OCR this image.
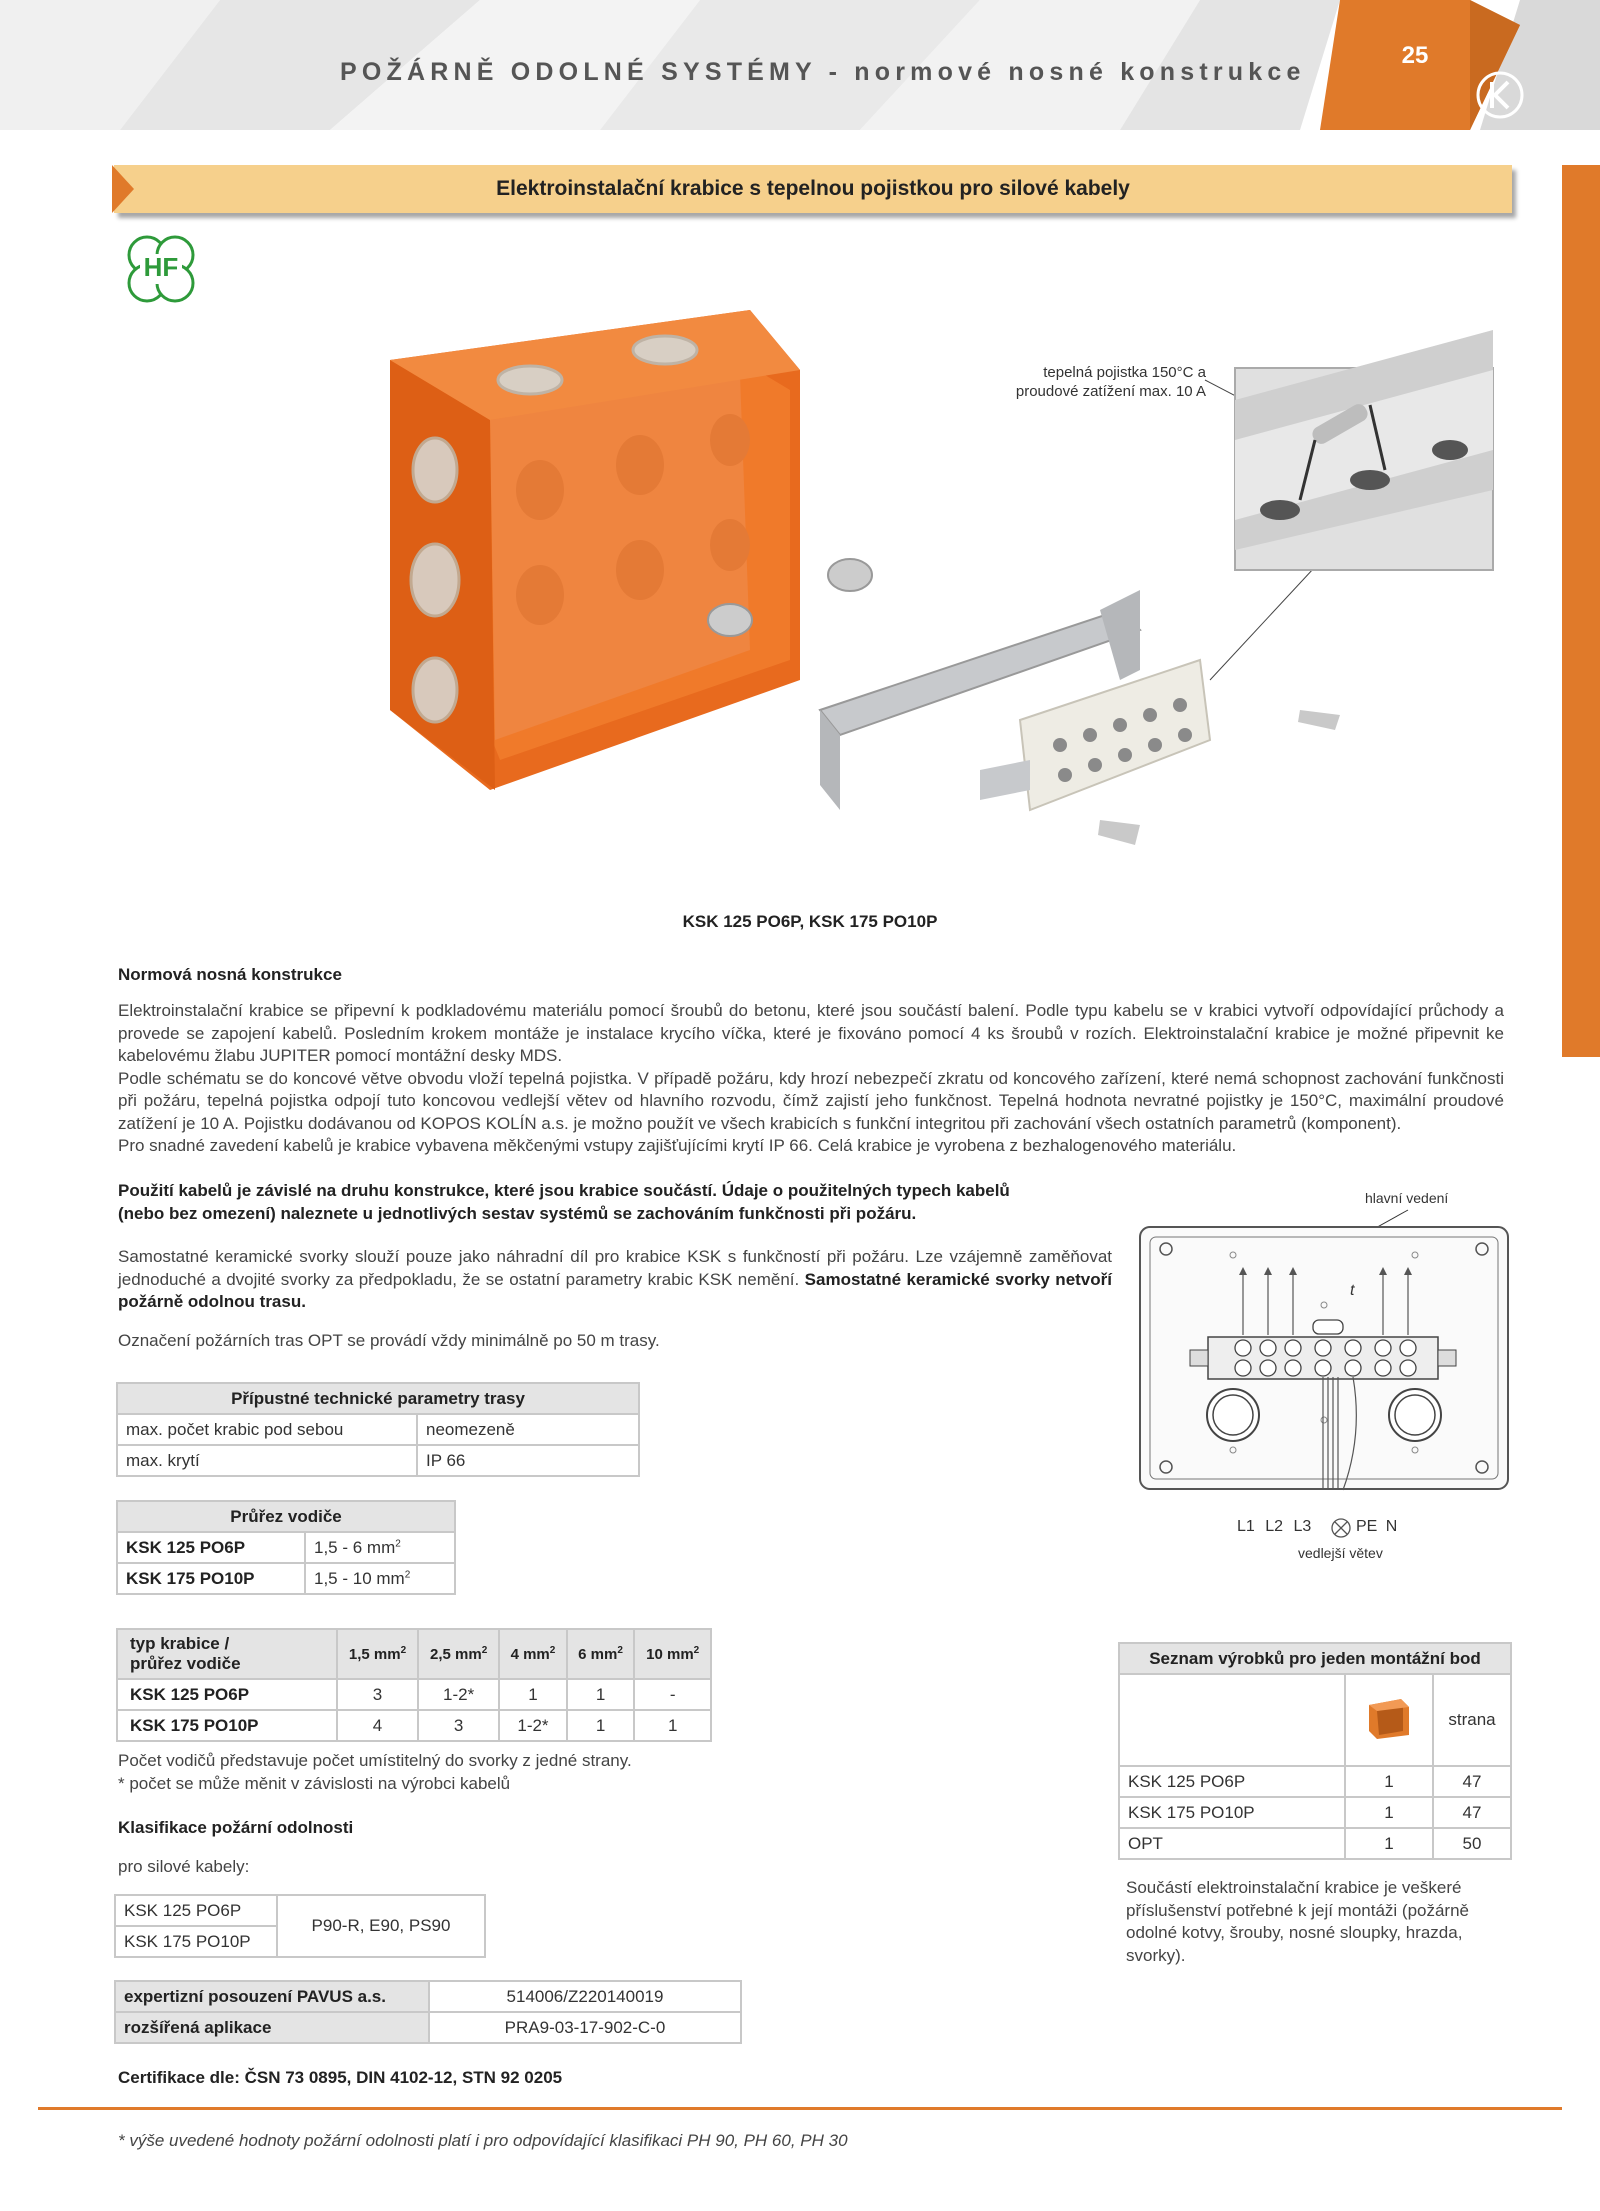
POŽÁRNĚ ODOLNÉ SYSTÉMY - normové nosné konstrukce
25
Elektroinstalační krabice s tepelnou pojistkou pro silové kabely
HF
tepelná pojistka 150°C a
proudové zatížení max. 10 A
KSK 125 PO6P, KSK 175 PO10P
Normová nosná konstrukce
Elektroinstalační krabice se připevní k podkladovému materiálu pomocí šroubů do betonu, které jsou součástí balení. Podle typu kabelu se v krabici vytvoří odpovídající průchody a provede se zapojení kabelů. Posledním krokem montáže je instalace krycího víčka, které je fixováno pomocí 4 ks šroubů v rozích. Elektroinstalační krabice je možné připevnit ke kabelovému žlabu JUPITER pomocí montážní desky MDS.
Podle schématu se do koncové větve obvodu vloží tepelná pojistka. V případě požáru, kdy hrozí nebezpečí zkratu od koncového zařízení, které nemá schopnost zachování funkčnosti při požáru, tepelná pojistka odpojí tuto koncovou vedlejší větev od hlavního rozvodu, čímž zajistí jeho funkčnost. Tepelná hodnota nevratné pojistky je 150°C, maximální proudové zatížení je 10 A. Pojistku dodávanou od KOPOS KOLÍN a.s. je možno použít ve všech krabicích s funkční integritou při zachování všech ostatních parametrů (komponent).
Pro snadné zavedení kabelů je krabice vybavena měkčenými vstupy zajišťujícími krytí IP 66. Celá krabice je vyrobena z bezhalogenového materiálu.
Použití kabelů je závislé na druhu konstrukce, které jsou krabice součástí. Údaje o použitelných typech kabelů
(nebo bez omezení) naleznete u jednotlivých sestav systémů se zachováním funkčnosti při požáru.
Samostatné keramické svorky slouží pouze jako náhradní díl pro krabice KSK s funkčností při požáru. Lze vzájemně zaměňovat jednoduché a dvojité svorky za předpokladu, že se ostatní parametry krabic KSK nemění. Samostatné keramické svorky netvoří požárně odolnou trasu.
Označení požárních tras OPT se provádí vždy minimálně po 50 m trasy.
hlavní vedení
t
L1 L2 L3	PE N
vedlejší větev
Přípustné technické parametry trasy	
max. počet krabic pod sebou	neomezeně
max. krytí	IP 66
Průřez vodiče	
KSK 125 PO6P	1,5 - 6 $mm^2$
KSK 175 PO10P	1,5 - 10 $mm^2$
typ krabice /
průřez vodiče	1,5 $mm^2$	2,5 $mm^2$	4 $mm^2$	6 $mm^2$	10 $mm^2$
KSK 125 PO6P	3	1-2*	1	1	-
KSK 175 PO10P	4	3	1-2*	1	1
Počet vodičů představuje počet umístitelný do svorky z jedné strany.
* počet se může měnit v závislosti na výrobci kabelů
Klasifikace požární odolnosti
pro silové kabely:
KSK 125 PO6P	P90-R, E90, PS90
KSK 175 PO10P
expertizní posouzení PAVUS a.s.	514006/Z220140019
rozšířená aplikace	PRA9-03-17-902-C-0
Certifikace dle: ČSN 73 0895, DIN 4102-12, STN 92 0205
Seznam výrobků pro jeden montážní bod		
		strana
KSK 125 PO6P	1	47
KSK 175 PO10P	1	47
OPT	1	50
Součástí elektroinstalační krabice je veškeré příslušenství potřebné k její montáži (požárně odolné kotvy, šrouby, nosné sloupky, hrazda, svorky).
* výše uvedené hodnoty požární odolnosti platí i pro odpovídající klasifikaci PH 90, PH 60, PH 30
